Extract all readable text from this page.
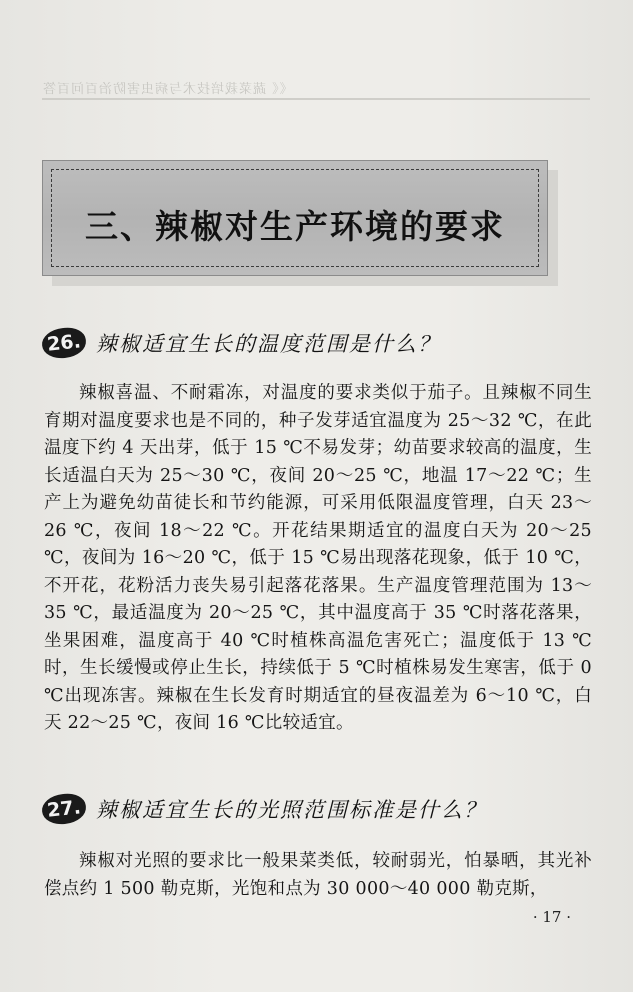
《《 蔬菜栽培技术与病虫害防治百问百答
三、辣椒对生产环境的要求
26. 辣椒适宜生长的温度范围是什么？
辣椒喜温、不耐霜冻，对温度的要求类似于茄子。且辣椒不同生育期对温度要求也是不同的，种子发芽适宜温度为 25～32 ℃，在此温度下约 4 天出芽，低于 15 ℃不易发芽；幼苗要求较高的温度，生长适温白天为 25～30 ℃，夜间 20～25 ℃，地温 17～22 ℃；生产上为避免幼苗徒长和节约能源，可采用低限温度管理，白天 23～26 ℃，夜间 18～22 ℃。开花结果期适宜的温度白天为 20～25 ℃，夜间为 16～20 ℃，低于 15 ℃易出现落花现象，低于 10 ℃，不开花，花粉活力丧失易引起落花落果。生产温度管理范围为 13～35 ℃，最适温度为 20～25 ℃，其中温度高于 35 ℃时落花落果，坐果困难，温度高于 40 ℃时植株高温危害死亡；温度低于 13 ℃时，生长缓慢或停止生长，持续低于 5 ℃时植株易发生寒害，低于 0 ℃出现冻害。辣椒在生长发育时期适宜的昼夜温差为 6～10 ℃，白天 22～25 ℃，夜间 16 ℃比较适宜。
27. 辣椒适宜生长的光照范围标准是什么？
辣椒对光照的要求比一般果菜类低，较耐弱光，怕暴晒，其光补偿点约 1 500 勒克斯，光饱和点为 30 000～40 000 勒克斯，
· 17 ·
